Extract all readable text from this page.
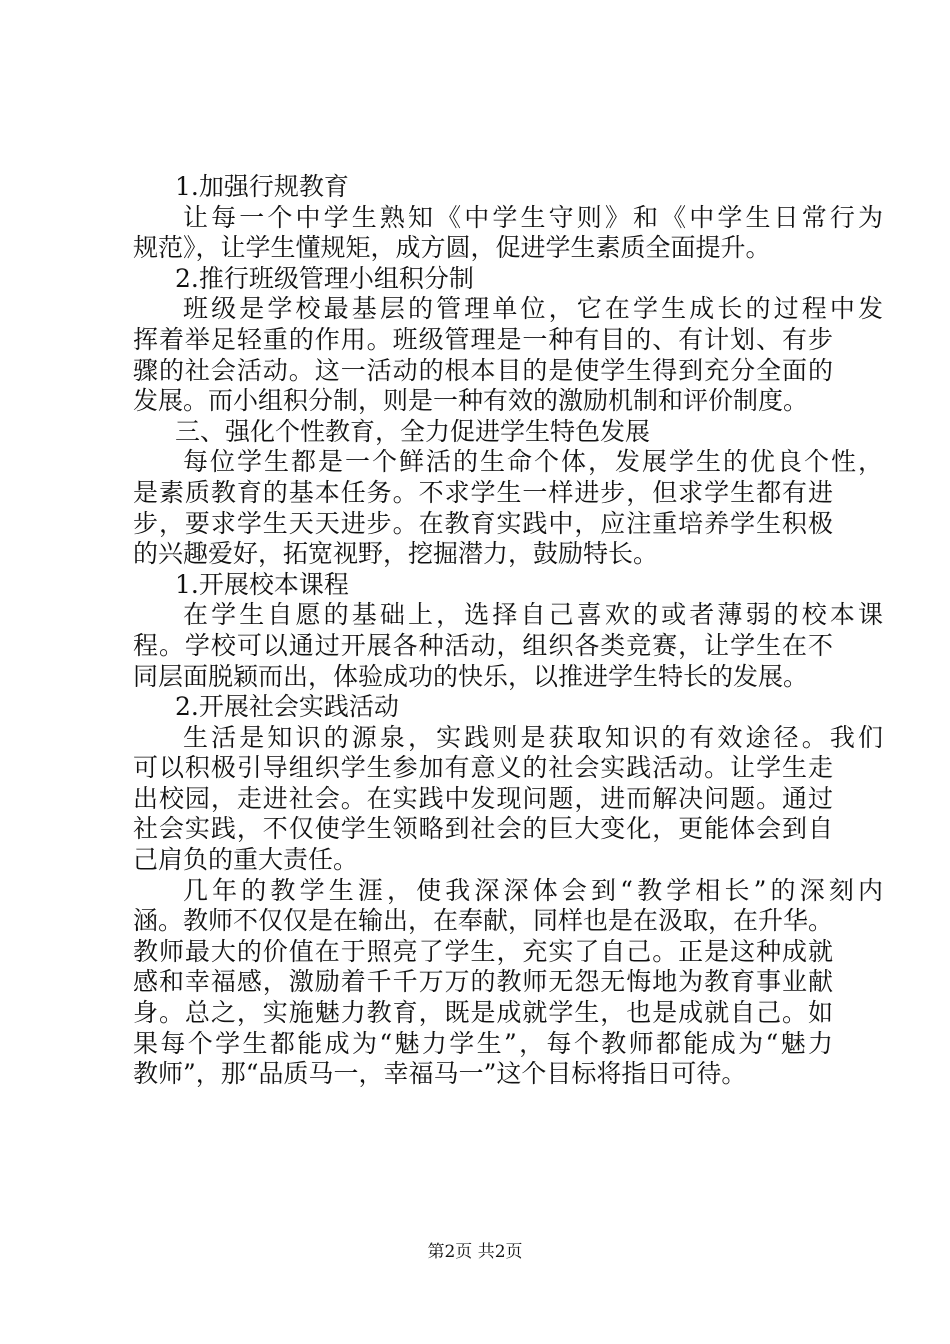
1.加强行规教育
让每一个中学生熟知《中学生守则》和《中学生日常行为
规范》，让学生懂规矩，成方圆，促进学生素质全面提升。
2.推行班级管理小组积分制
班级是学校最基层的管理单位，它在学生成长的过程中发
挥着举足轻重的作用。班级管理是一种有目的、有计划、有步
骤的社会活动。这一活动的根本目的是使学生得到充分全面的
发展。而小组积分制，则是一种有效的激励机制和评价制度。
三、强化个性教育，全力促进学生特色发展
每位学生都是一个鲜活的生命个体，发展学生的优良个性，
是素质教育的基本任务。不求学生一样进步，但求学生都有进
步，要求学生天天进步。在教育实践中，应注重培养学生积极
的兴趣爱好，拓宽视野，挖掘潜力，鼓励特长。
1.开展校本课程
在学生自愿的基础上，选择自己喜欢的或者薄弱的校本课
程。学校可以通过开展各种活动，组织各类竞赛，让学生在不
同层面脱颖而出，体验成功的快乐，以推进学生特长的发展。
2.开展社会实践活动
生活是知识的源泉，实践则是获取知识的有效途径。我们
可以积极引导组织学生参加有意义的社会实践活动。让学生走
出校园，走进社会。在实践中发现问题，进而解决问题。通过
社会实践，不仅使学生领略到社会的巨大变化，更能体会到自
己肩负的重大责任。
几年的教学生涯，使我深深体会到“教学相长”的深刻内
涵。教师不仅仅是在输出，在奉献，同样也是在汲取，在升华。
教师最大的价值在于照亮了学生，充实了自己。正是这种成就
感和幸福感，激励着千千万万的教师无怨无悔地为教育事业献
身。总之，实施魅力教育，既是成就学生，也是成就自己。如
果每个学生都能成为“魅力学生”，每个教师都能成为“魅力
教师”，那“品质马一，幸福马一”这个目标将指日可待。
第2页 共2页
